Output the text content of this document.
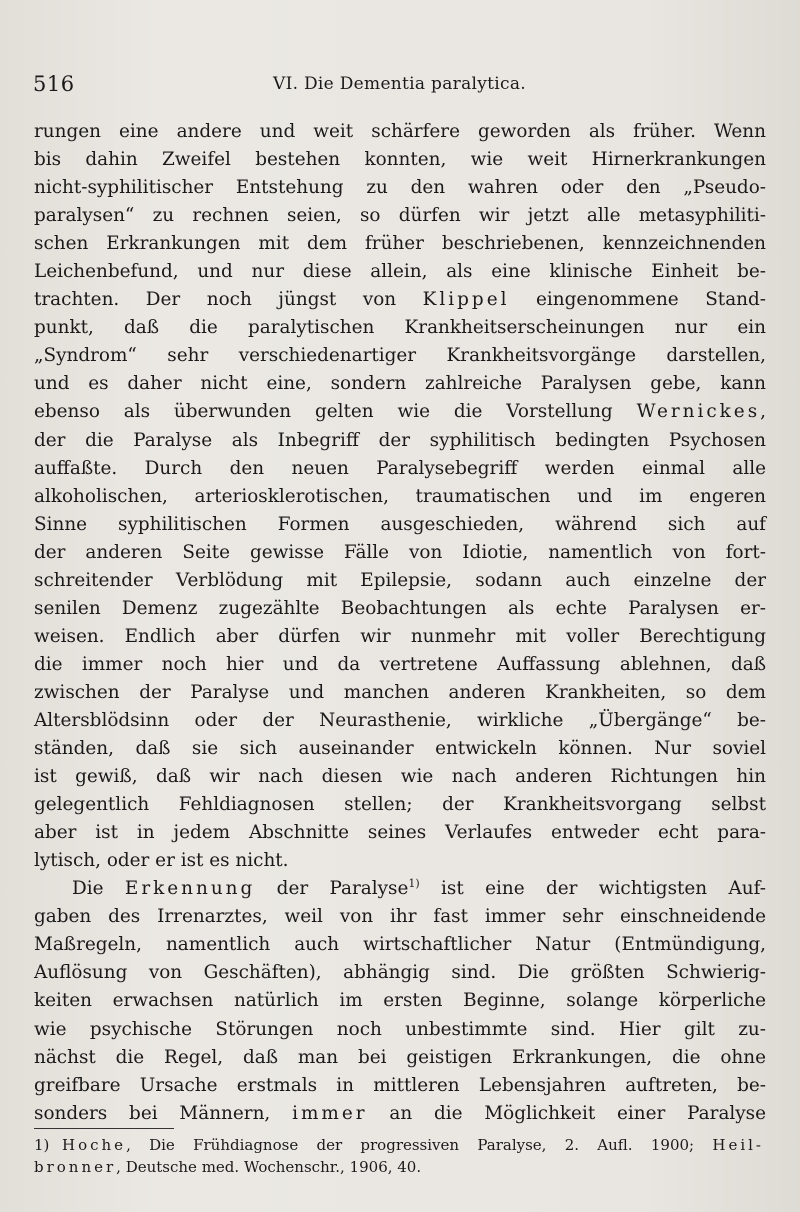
516	VI. Die Dementia paralytica.
rungen eine andere und weit schärfere geworden als früher. Wenn
bis dahin Zweifel bestehen konnten, wie weit Hirnerkrankungen
nicht-syphilitischer Entstehung zu den wahren oder den „Pseudo-
paralysen“ zu rechnen seien, so dürfen wir jetzt alle metasyphiliti-
schen Erkrankungen mit dem früher beschriebenen, kennzeichnenden
Leichenbefund, und nur diese allein, als eine klinische Einheit be-
trachten. Der noch jüngst von Klippel eingenommene Stand-
punkt, daß die paralytischen Krankheitserscheinungen nur ein
„Syndrom“ sehr verschiedenartiger Krankheitsvorgänge darstellen,
und es daher nicht eine, sondern zahlreiche Paralysen gebe, kann
ebenso als überwunden gelten wie die Vorstellung Wernickes,
der die Paralyse als Inbegriff der syphilitisch bedingten Psychosen
auffaßte. Durch den neuen Paralysebegriff werden einmal alle
alkoholischen, arteriosklerotischen, traumatischen und im engeren
Sinne syphilitischen Formen ausgeschieden, während sich auf
der anderen Seite gewisse Fälle von Idiotie, namentlich von fort-
schreitender Verblödung mit Epilepsie, sodann auch einzelne der
senilen Demenz zugezählte Beobachtungen als echte Paralysen er-
weisen. Endlich aber dürfen wir nunmehr mit voller Berechtigung
die immer noch hier und da vertretene Auffassung ablehnen, daß
zwischen der Paralyse und manchen anderen Krankheiten, so dem
Altersblödsinn oder der Neurasthenie, wirkliche „Übergänge“ be-
ständen, daß sie sich auseinander entwickeln können. Nur soviel
ist gewiß, daß wir nach diesen wie nach anderen Richtungen hin
gelegentlich Fehldiagnosen stellen; der Krankheitsvorgang selbst
aber ist in jedem Abschnitte seines Verlaufes entweder echt para-
lytisch, oder er ist es nicht.
Die Erkennung der Paralyse$^{1)}$ ist eine der wichtigsten Auf-
gaben des Irrenarztes, weil von ihr fast immer sehr einschneidende
Maßregeln, namentlich auch wirtschaftlicher Natur (Entmündigung,
Auflösung von Geschäften), abhängig sind. Die größten Schwierig-
keiten erwachsen natürlich im ersten Beginne, solange körperliche
wie psychische Störungen noch unbestimmte sind. Hier gilt zu-
nächst die Regel, daß man bei geistigen Erkrankungen, die ohne
greifbare Ursache erstmals in mittleren Lebensjahren auftreten, be-
sonders bei Männern, immer an die Möglichkeit einer Paralyse
1) Hoche, Die Frühdiagnose der progressiven Paralyse, 2. Aufl. 1900; Heil-
bronner, Deutsche med. Wochenschr., 1906, 40.
